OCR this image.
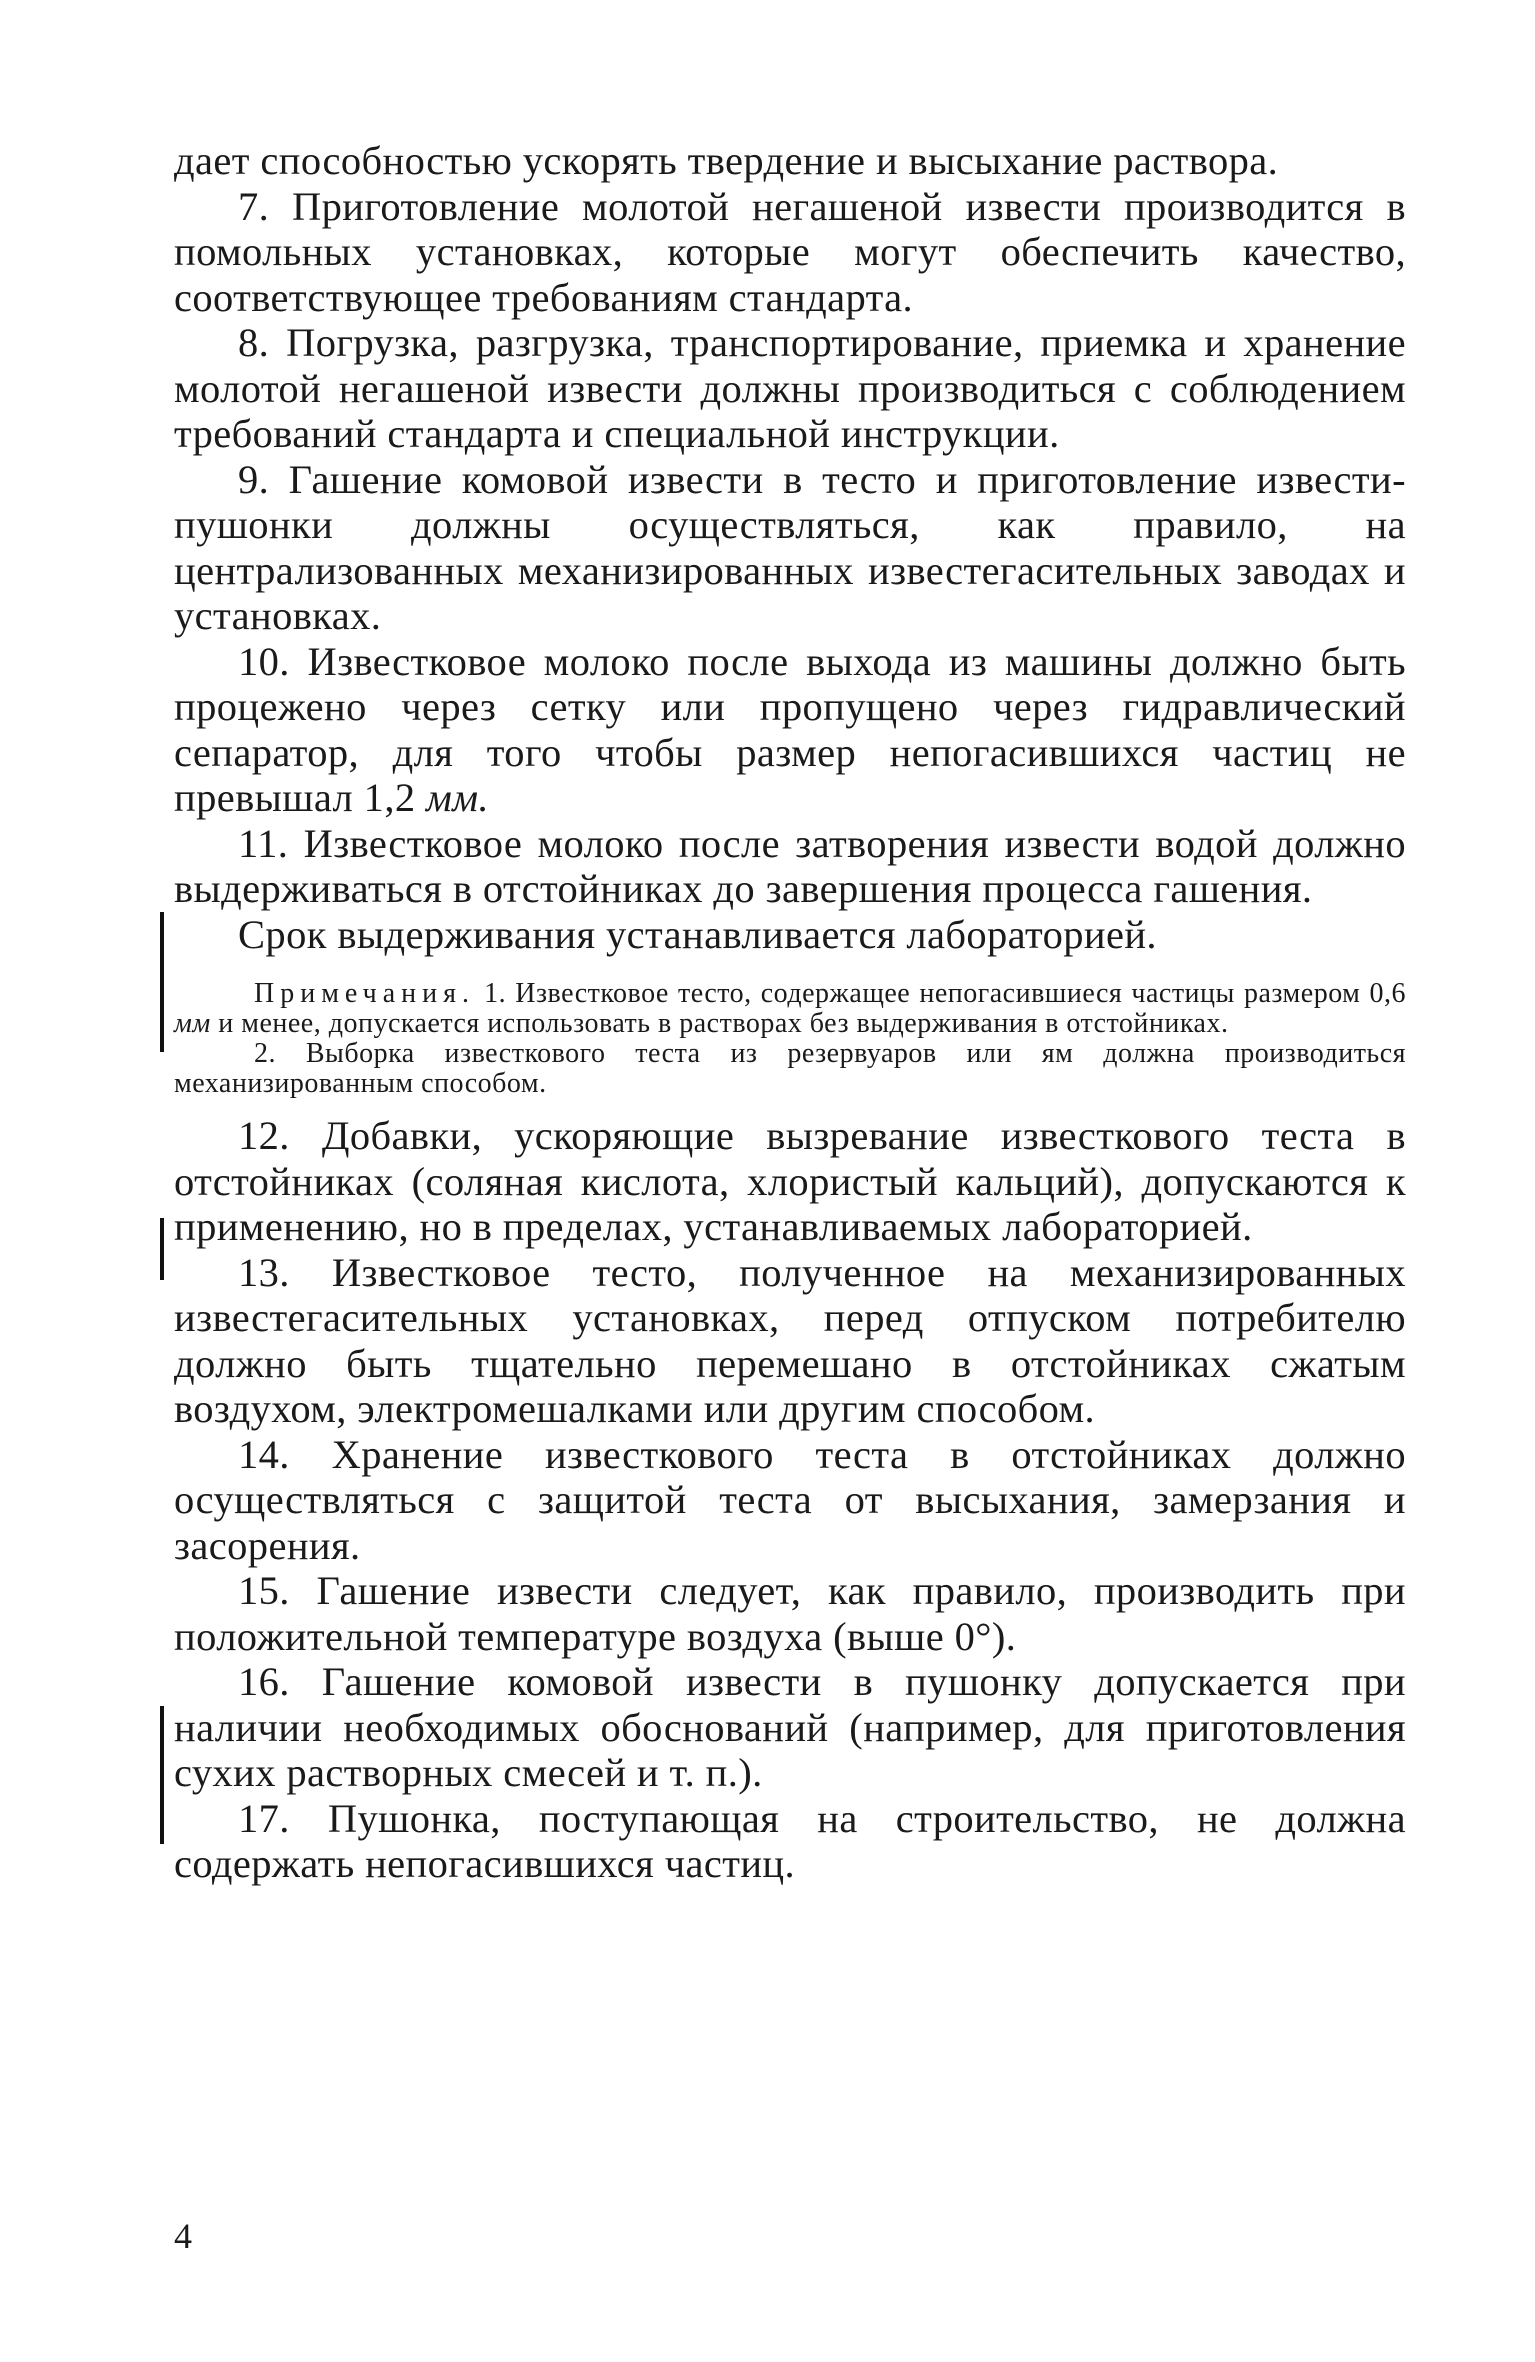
дает способностью ускорять твердение и высыхание раствора.

7. Приготовление молотой негашеной извести производится в помольных установках, которые могут обеспечить качество, соответствующее требованиям стандарта.

8. Погрузка, разгрузка, транспортирование, приемка и хранение молотой негашеной извести должны производиться с соблюдением требований стандарта и специальной инструкции.

9. Гашение комовой извести в тесто и приготовление извести-пушонки должны осуществляться, как правило, на централизованных механизированных известегасительных заводах и установках.

10. Известковое молоко после выхода из машины должно быть процежено через сетку или пропущено через гидравлический сепаратор, для того чтобы размер непогасившихся частиц не превышал 1,2 мм.

11. Известковое молоко после затворения извести водой должно выдерживаться в отстойниках до завершения процесса гашения.

Срок выдерживания устанавливается лабораторией.

Примечания. 1. Известковое тесто, содержащее непогасившиеся частицы размером 0,6 мм и менее, допускается использовать в растворах без выдерживания в отстойниках.

2. Выборка известкового теста из резервуаров или ям должна производиться механизированным способом.

12. Добавки, ускоряющие вызревание известкового теста в отстойниках (соляная кислота, хлористый кальций), допускаются к применению, но в пределах, устанавливаемых лабораторией.

13. Известковое тесто, полученное на механизированных известегасительных установках, перед отпуском потребителю должно быть тщательно перемешано в отстойниках сжатым воздухом, электромешалками или другим способом.

14. Хранение известкового теста в отстойниках должно осуществляться с защитой теста от высыхания, замерзания и засорения.

15. Гашение извести следует, как правило, производить при положительной температуре воздуха (выше 0°).

16. Гашение комовой извести в пушонку допускается при наличии необходимых обоснований (например, для приготовления сухих растворных смесей и т. п.).

17. Пушонка, поступающая на строительство, не должна содержать непогасившихся частиц.

4
